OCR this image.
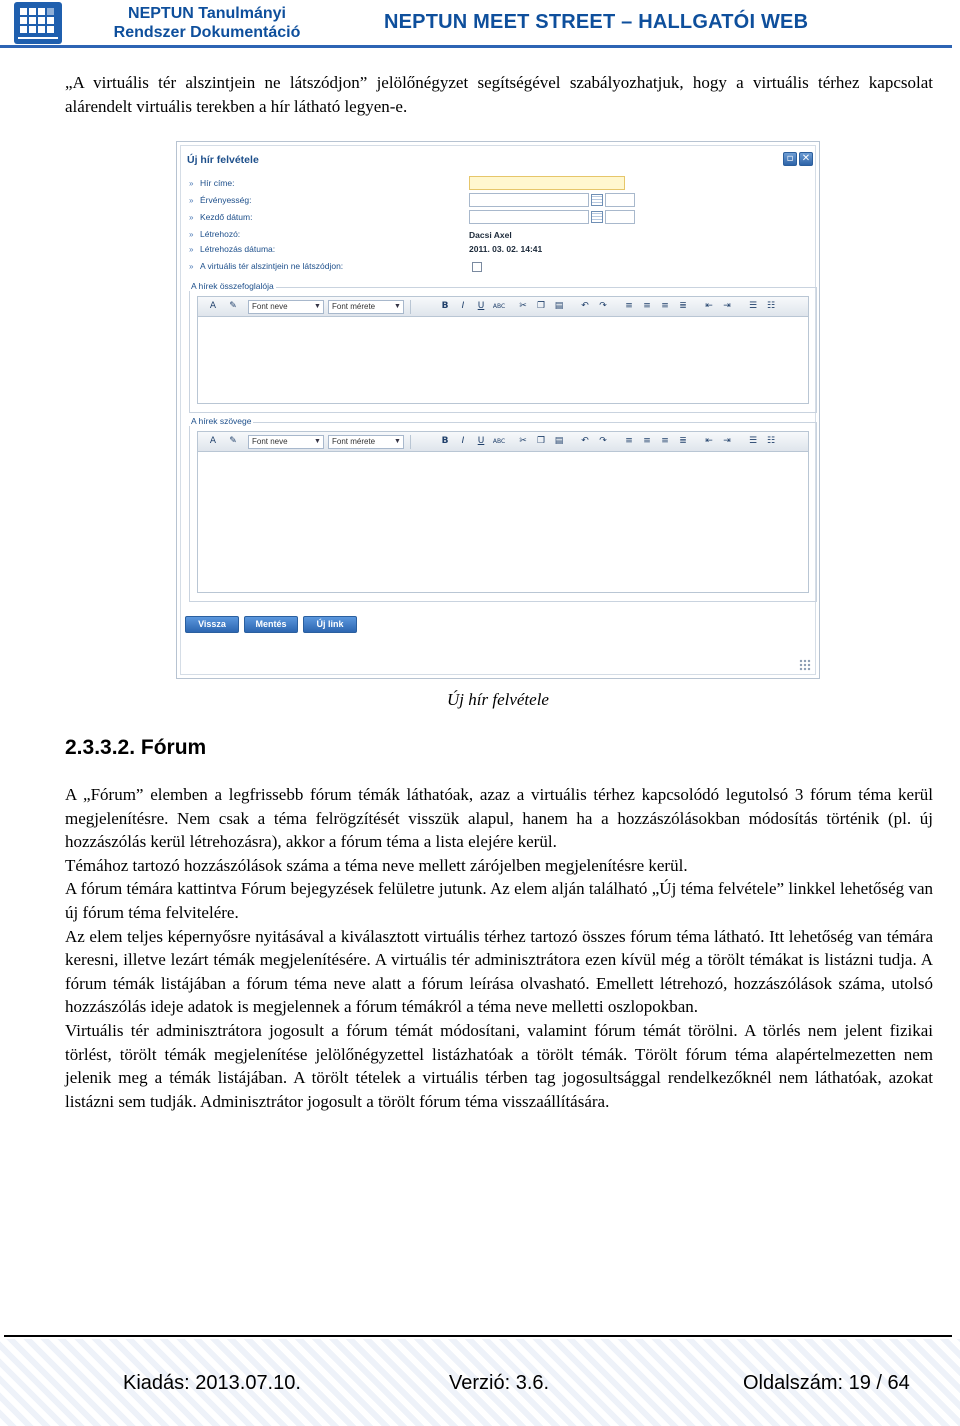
NEPTUN Tanulmányi
Rendszer Dokumentáció	NEPTUN MEET STREET – HALLGATÓI WEB

„A virtuális tér alszintjein ne látszódjon” jelölőnégyzet segítségével szabályozhatjuk, hogy a virtuális térhez kapcsolat alárendelt virtuális terekben a hír látható legyen-e.

Új hír felvétele	▫ ✕
» Hír címe:
» Érvényesség:
» Kezdő dátum:
» Létrehozó:
» Létrehozás dátuma:
» A virtuális tér alszintjein ne látszódjon:
Dacsi Axel
2011. 03. 02. 14:41
A hírek összefoglalója
A	✎	Font neve	▼	Font mérete	▼	B	I	U	ABC	✂	❐	▤	↶	↷	≡	≡	≡	≣	⇤	⇥	☰	☷
A hírek szövege
A	✎	Font neve	▼	Font mérete	▼	B	I	U	ABC	✂	❐	▤	↶	↷	≡	≡	≡	≣	⇤	⇥	☰	☷
Vissza	Mentés	Új link
Új hír felvétele
2.3.3.2. Fórum

A „Fórum” elemben a legfrissebb fórum témák láthatóak, azaz a virtuális térhez kapcsolódó legutolsó 3 fórum téma kerül megjelenítésre. Nem csak a téma felrögzítését visszük alapul, hanem ha a hozzászólásokban módosítás történik (pl. új hozzászólás kerül létrehozásra), akkor a fórum téma a lista elejére kerül.

Témához tartozó hozzászólások száma a téma neve mellett zárójelben megjelenítésre kerül.

A fórum témára kattintva Fórum bejegyzések felületre jutunk. Az elem alján található „Új téma felvétele” linkkel lehetőség van új fórum téma felvitelére.

Az elem teljes képernyősre nyitásával a kiválasztott virtuális térhez tartozó összes fórum téma látható. Itt lehetőség van témára keresni, illetve lezárt témák megjelenítésére. A virtuális tér adminisztrátora ezen kívül még a törölt témákat is listázni tudja. A fórum témák listájában a fórum téma neve alatt a fórum leírása olvasható. Emellett létrehozó, hozzászólások száma, utolsó hozzászólás ideje adatok is megjelennek a fórum témákról a téma neve melletti oszlopokban.

Virtuális tér adminisztrátora jogosult a fórum témát módosítani, valamint fórum témát törölni. A törlés nem jelent fizikai törlést, törölt témák megjelenítése jelölőnégyzettel listázhatóak a törölt témák. Törölt fórum téma alapértelmezetten nem jelenik meg a témák listájában. A törölt tételek a virtuális térben tag jogosultsággal rendelkezőknél nem láthatóak, azokat listázni sem tudják. Adminisztrátor jogosult a törölt fórum téma visszaállítására.

Kiadás: 2013.07.10.	Verzió: 3.6.	Oldalszám: 19 / 64
